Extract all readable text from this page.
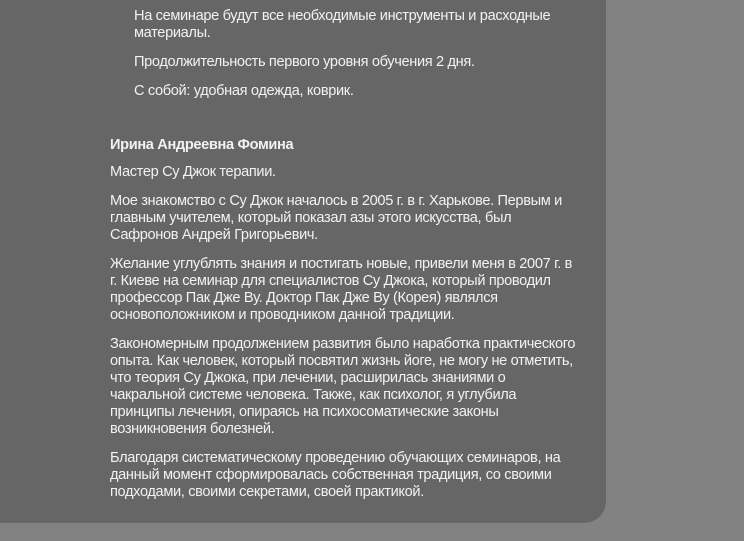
На семинаре будут все необходимые инструменты и расходные материалы.

Продолжительность первого уровня обучения 2 дня.

С собой: удобная одежда, коврик.

Ирина Андреевна Фомина

Мастер Су Джок терапии.

Мое знакомство с Су Джок началось в 2005 г. в г. Харькове. Первым и главным учителем, который показал азы этого искусства, был Сафронов Андрей Григорьевич.

Желание углублять знания и постигать новые, привели меня в 2007 г. в г. Киеве на семинар для специалистов Су Джока, который проводил профессор Пак Дже Ву. Доктор Пак Дже Ву (Корея) являлся основоположником и проводником данной традиции.

Закономерным продолжением развития было наработка практического опыта. Как человек, который посвятил жизнь йоге, не могу не отметить, что теория Су Джока, при лечении, расширилась знаниями о чакральной системе человека. Также, как психолог, я углубила принципы лечения, опираясь на психосоматические законы возникновения болезней.

Благодаря систематическому проведению обучающих семинаров, на данный момент сформировалась собственная традиция, со своими подходами, своими секретами, своей практикой.
